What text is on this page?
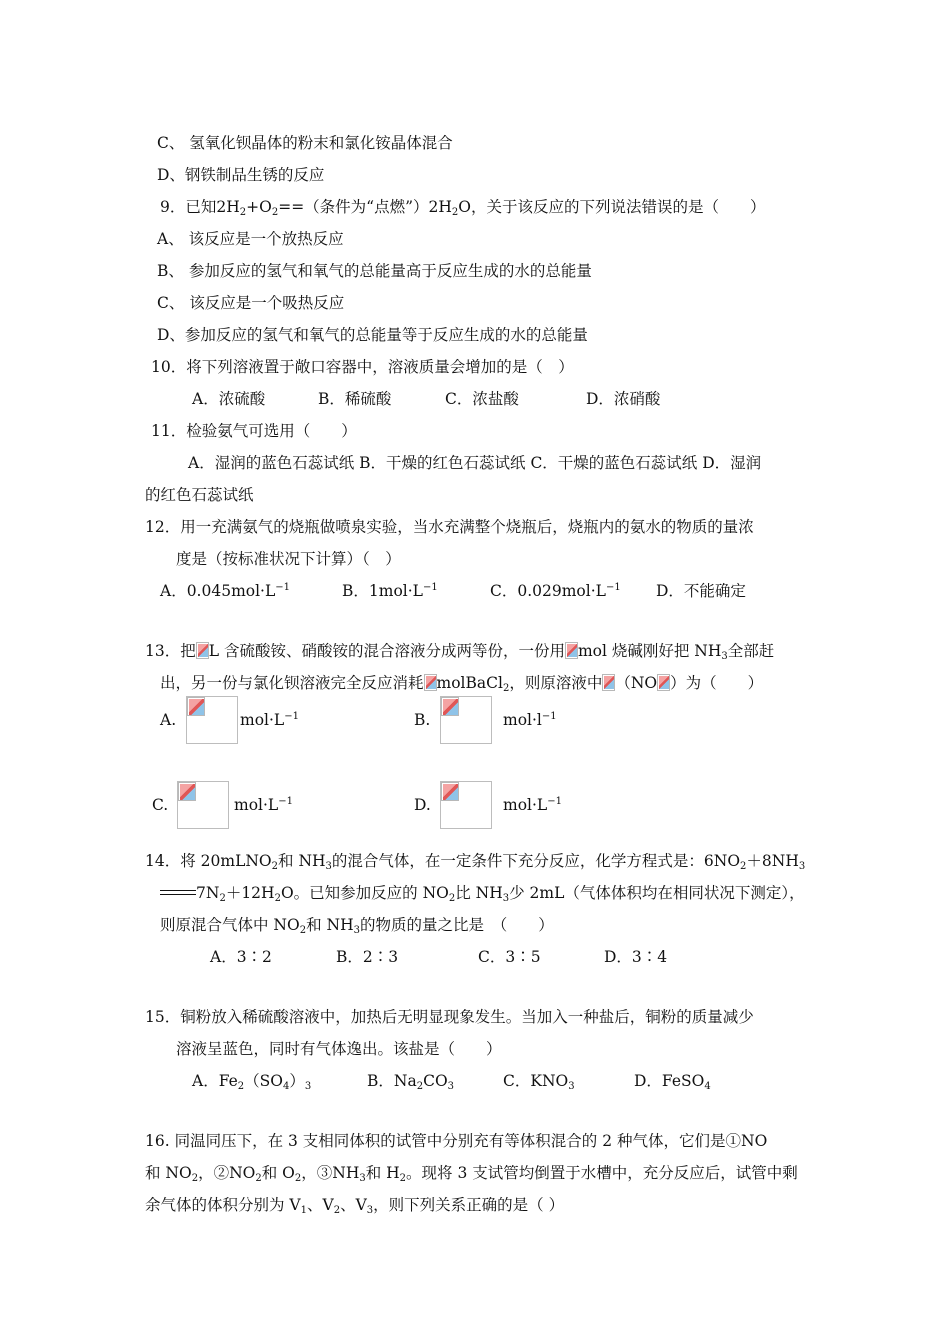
C、 氢氧化钡晶体的粉末和氯化铵晶体混合
D、钢铁制品生锈的反应
9．已知$2H_2+O_2==$（条件为“点燃$”)2H_2O$，关于该反应的下列说法错误的是（　　）
A、 该反应是一个放热反应
B、 参加反应的氢气和氧气的总能量高于反应生成的水的总能量
C、 该反应是一个吸热反应
D、参加反应的氢气和氧气的总能量等于反应生成的水的总能量
10．将下列溶液置于敞口容器中，溶液质量会增加的是（　）
A．浓硫酸	B．稀硫酸	C．浓盐酸	D．浓硝酸
11．检验氨气可选用（　　）
A．湿润的蓝色石蕊试纸 B．干燥的红色石蕊试纸 C．干燥的蓝色石蕊试纸 D．湿润
的红色石蕊试纸
12．用一充满氨气的烧瓶做喷泉实验，当水充满整个烧瓶后，烧瓶内的氨水的物质的量浓
度是（按标准状况下计算）（　）
A．$0.045mol\cdot L^{-1}$	B．$1mol\cdot L^{-1}$	C．$0.029mol\cdot L^{-1}$ D．不能确定
13．把 L 含硫酸铵、硝酸铵的混合溶液分成两等份，一份用 mol 烧碱刚好把 $NH_3$全部赶
出，另一份与氯化钡溶液完全反应消耗 molBaCl$_2$，则原溶液中 （NO ）为（　　）
A.	$mol\cdot L^{-1}$	B.	$mol\cdot l^{-1}$
C.	$mol\cdot L^{-1}$	D.	$mol\cdot L^{-1}$
14．将 20mLNO$_2$和 $NH_3$的混合气体，在一定条件下充分反应，化学方程式是：$6NO_2+8NH_3$
$7N_2+12H_2O$。已知参加反应的 $NO_2$比 $NH_3$少 2mL（气体体积均在相同状况下测定），
则原混合气体中 $NO_2$和 $NH_3$的物质的量之比是　（　　）
A．3∶2	B．2∶3	C．3∶5	D．3∶4
15．铜粉放入稀硫酸溶液中，加热后无明显现象发生。当加入一种盐后，铜粉的质量减少
溶液呈蓝色，同时有气体逸出。该盐是（　　）
A．$Fe_2(SO_4)_3$	B．$Na_2CO_3$	C．$KNO_3$	D．FeSO$_4$
16. 同温同压下，在 3 支相同体积的试管中分别充有等体积混合的 2 种气体，它们是①NO
和 $NO_2$，$②NO_2$和 $O_2$，$③NH_3$和 $H_2$。现将 3 支试管均倒置于水槽中，充分反应后，试管中剩
余气体的体积分别为 $V_1$、$V_2$、$V_3$，则下列关系正确的是（ ）
